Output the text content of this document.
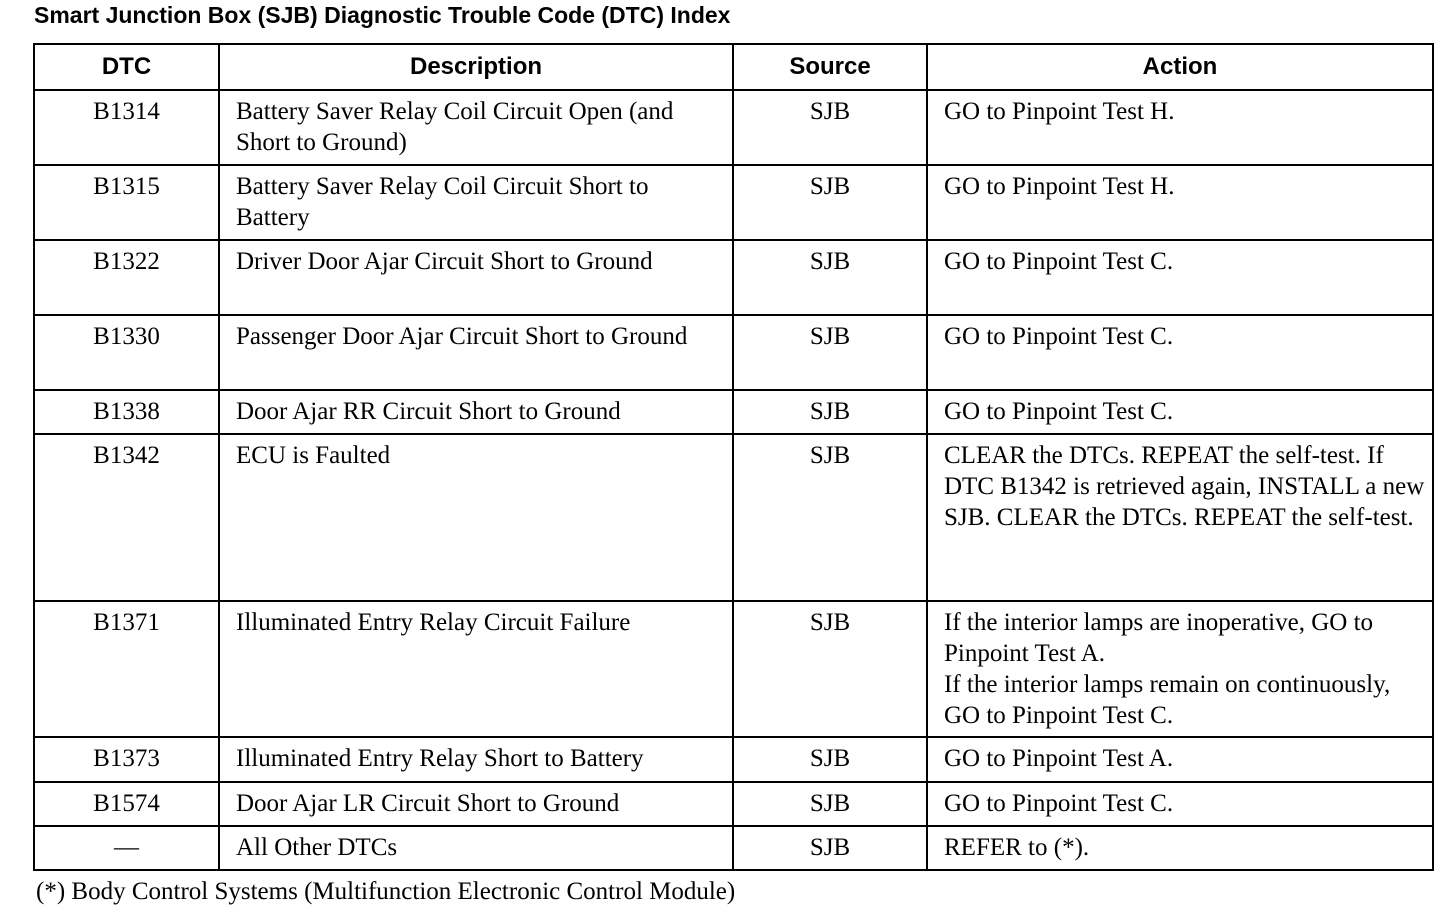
Smart Junction Box (SJB) Diagnostic Trouble Code (DTC) Index
DTC	Description	Source	Action
B1314	Battery Saver Relay Coil Circuit Open (and Short to Ground)	SJB	GO to Pinpoint Test H.

B1315	Battery Saver Relay Coil Circuit Short to Battery	SJB	GO to Pinpoint Test H.

B1322	Driver Door Ajar Circuit Short to Ground	SJB	GO to Pinpoint Test C.

B1330	Passenger Door Ajar Circuit Short to Ground	SJB	GO to Pinpoint Test C.

B1338	Door Ajar RR Circuit Short to Ground	SJB	GO to Pinpoint Test C.

B1342	ECU is Faulted	SJB	CLEAR the DTCs. REPEAT the self-test. If DTC B1342 is retrieved again, INSTALL a new SJB. CLEAR the DTCs. REPEAT the self-test.

B1371	Illuminated Entry Relay Circuit Failure	SJB	If the interior lamps are inoperative, GO to Pinpoint Test A.
If the interior lamps remain on continuously, GO to Pinpoint Test C.

B1373	Illuminated Entry Relay Short to Battery	SJB	GO to Pinpoint Test A.

B1574	Door Ajar LR Circuit Short to Ground	SJB	GO to Pinpoint Test C.

—	All Other DTCs	SJB	REFER to (*).
(*) Body Control Systems (Multifunction Electronic Control Module)
